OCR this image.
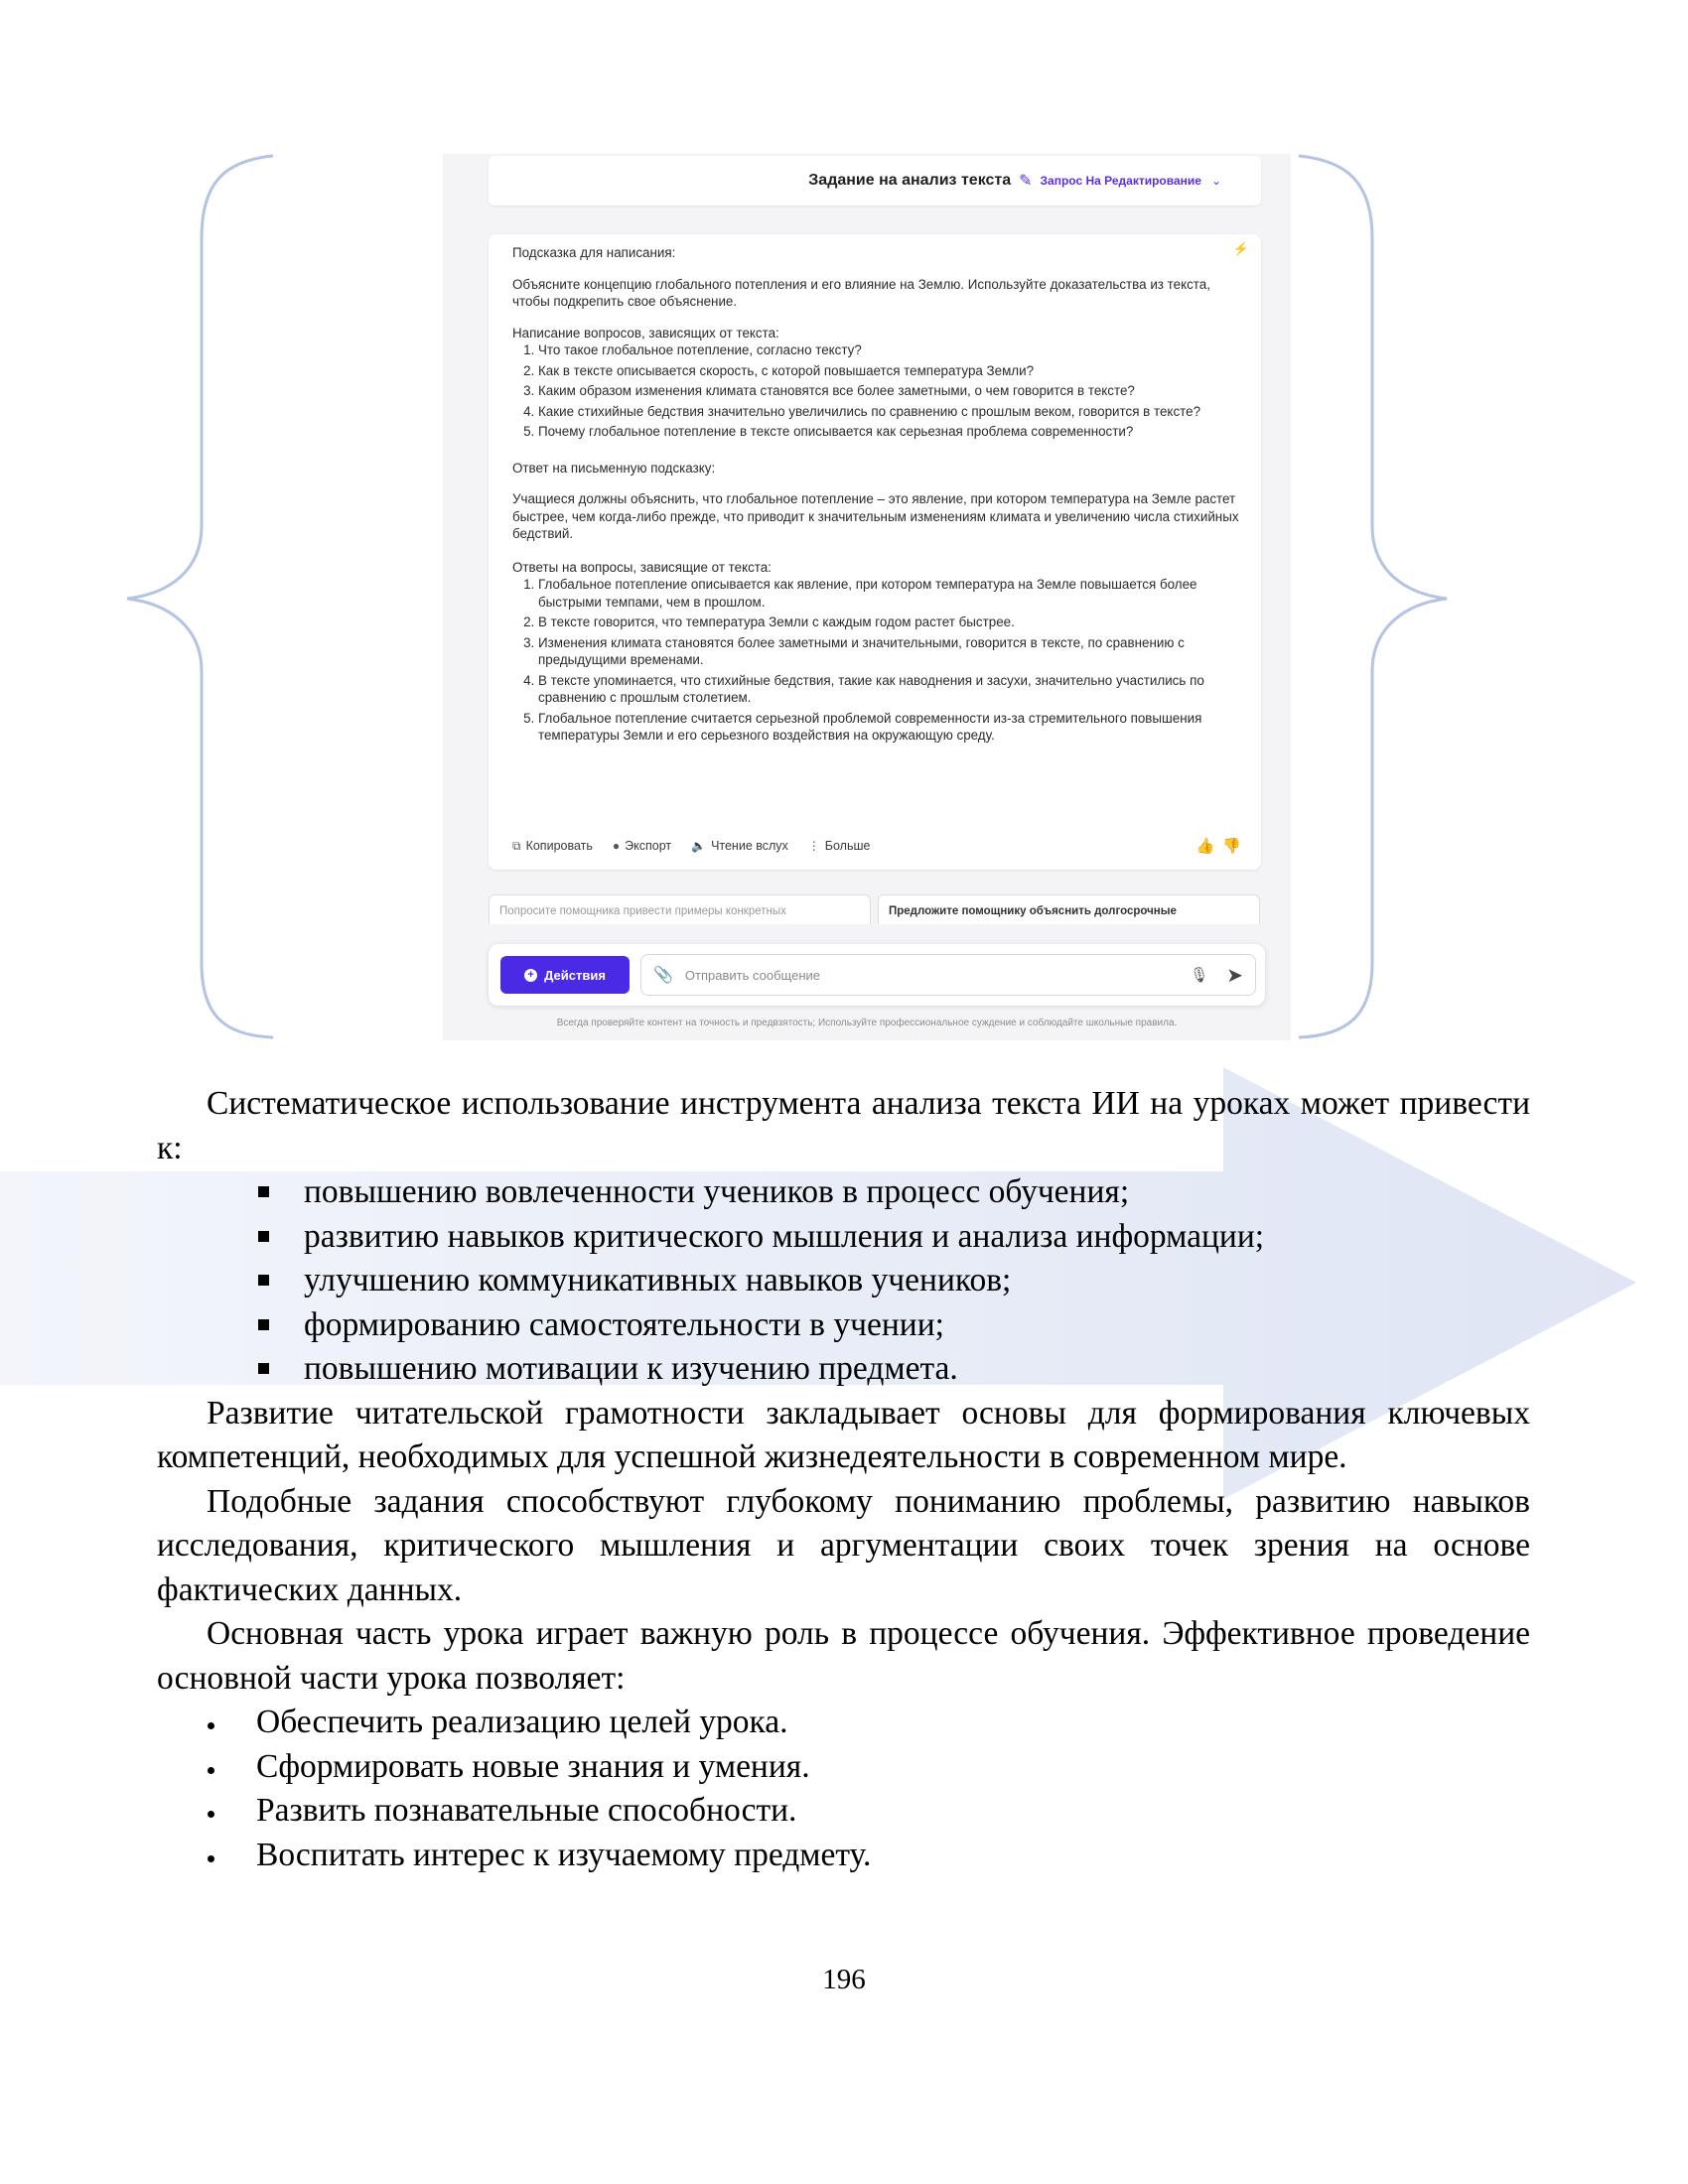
Задание на анализ текста ✎ Запрос На Редактирование ⌄
⚡

Подсказка для написания:

Объясните концепцию глобального потепления и его влияние на Землю. Используйте доказательства из текста, чтобы подкрепить свое объяснение.

Написание вопросов, зависящих от текста:

1. Что такое глобальное потепление, согласно тексту?
2. Как в тексте описывается скорость, с которой повышается температура Земли?
3. Каким образом изменения климата становятся все более заметными, о чем говорится в тексте?
4. Какие стихийные бедствия значительно увеличились по сравнению с прошлым веком, говорится в тексте?
5. Почему глобальное потепление в тексте описывается как серьезная проблема современности?

Ответ на письменную подсказку:

Учащиеся должны объяснить, что глобальное потепление – это явление, при котором температура на Земле растет быстрее, чем когда-либо прежде, что приводит к значительным изменениям климата и увеличению числа стихийных бедствий.

Ответы на вопросы, зависящие от текста:

1. Глобальное потепление описывается как явление, при котором температура на Земле повышается более быстрыми темпами, чем в прошлом.
2. В тексте говорится, что температура Земли с каждым годом растет быстрее.
3. Изменения климата становятся более заметными и значительными, говорится в тексте, по сравнению с предыдущими временами.
4. В тексте упоминается, что стихийные бедствия, такие как наводнения и засухи, значительно участились по сравнению с прошлым столетием.
5. Глобальное потепление считается серьезной проблемой современности из-за стремительного повышения температуры Земли и его серьезного воздействия на окружающую среду.
⧉ Копировать ● Экспорт 🔈 Чтение вслух ⋮ Больше	👍 👎
Попросите помощника привести примеры конкретных	Предложите помощнику объяснить долгосрочные
+ Действия	📎
Отправить сообщение	🎙 ➤
Всегда проверяйте контент на точность и предвзятость; Используйте профессиональное суждение и соблюдайте школьные правила.

Систематическое использование инструмента анализа текста ИИ на уроках может привести к:

повышению вовлеченности учеников в процесс обучения;
развитию навыков критического мышления и анализа информации;
улучшению коммуникативных навыков учеников;
формированию самостоятельности в учении;
повышению мотивации к изучению предмета.

Развитие читательской грамотности закладывает основы для формирования ключевых компетенций, необходимых для успешной жизнедеятельности в современном мире.

Подобные задания способствуют глубокому пониманию проблемы, развитию навыков исследования, критического мышления и аргументации своих точек зрения на основе фактических данных.

Основная часть урока играет важную роль в процессе обучения. Эффективное проведение основной части урока позволяет:

Обеспечить реализацию целей урока.
Сформировать новые знания и умения.
Развить познавательные способности.
Воспитать интерес к изучаемому предмету.
196
